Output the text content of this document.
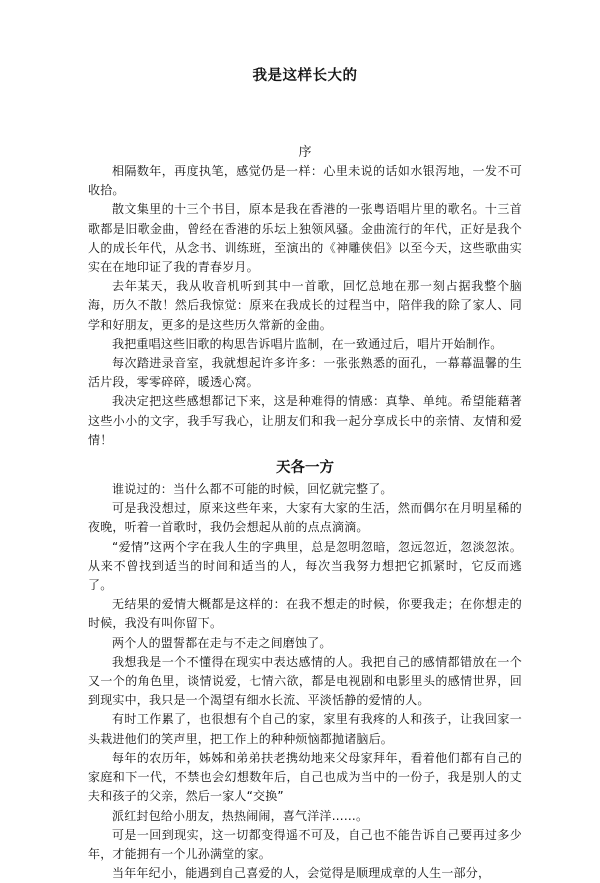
我是这样长大的
序

相隔数年，再度执笔，感觉仍是一样：心里未说的话如水银泻地，一发不可收拾。

散文集里的十三个书目，原本是我在香港的一张粤语唱片里的歌名。十三首歌都是旧歌金曲，曾经在香港的乐坛上独领风骚。金曲流行的年代，正好是我个人的成长年代，从念书、训练班，至演出的《神雕侠侣》以至今天，这些歌曲实实在在地印证了我的青春岁月。

去年某天，我从收音机听到其中一首歌，回忆总地在那一刻占据我整个脑海，历久不散！然后我惊觉：原来在我成长的过程当中，陪伴我的除了家人、同学和好朋友，更多的是这些历久常新的金曲。

我把重唱这些旧歌的构思告诉唱片监制，在一致通过后，唱片开始制作。

每次踏进录音室，我就想起许多许多：一张张熟悉的面孔，一幕幕温馨的生活片段，零零碎碎，暖透心窝。

我决定把这些感想都记下来，这是种难得的情感：真挚、单纯。希望能藉著这些小小的文字，我手写我心，让朋友们和我一起分享成长中的亲情、友情和爱情！

天各一方

谁说过的：当什么都不可能的时候，回忆就完整了。

可是我没想过，原来这些年来，大家有大家的生活，然而偶尔在月明星稀的夜晚，听着一首歌时，我仍会想起从前的点点滴滴。

“爱情”这两个字在我人生的字典里，总是忽明忽暗，忽远忽近，忽淡忽浓。从来不曾找到适当的时间和适当的人，每次当我努力想把它抓紧时，它反而逃了。

无结果的爱情大概都是这样的：在我不想走的时候，你要我走；在你想走的时候，我没有叫你留下。

两个人的盟誓都在走与不走之间磨蚀了。

我想我是一个不懂得在现实中表达感情的人。我把自己的感情都错放在一个又一个的角色里，谈情说爱，七情六欲，都是电视剧和电影里头的感情世界，回到现实中，我只是一个渴望有细水长流、平淡恬静的爱情的人。

有时工作累了，也很想有个自己的家，家里有我疼的人和孩子，让我回家一头栽进他们的笑声里，把工作上的种种烦恼都抛诸脑后。

每年的农历年，姊姊和弟弟扶老携幼地来父母家拜年，看着他们都有自己的家庭和下一代，不禁也会幻想数年后，自己也成为当中的一份子，我是别人的丈夫和孩子的父亲，然后一家人“交换”

派红封包给小朋友，热热闹闹，喜气洋洋……。

可是一回到现实，这一切都变得遥不可及，自己也不能告诉自己要再过多少年，才能拥有一个儿孙满堂的家。

当年年纪小，能遇到自己喜爱的人，会觉得是顺理成章的人生一部分，
